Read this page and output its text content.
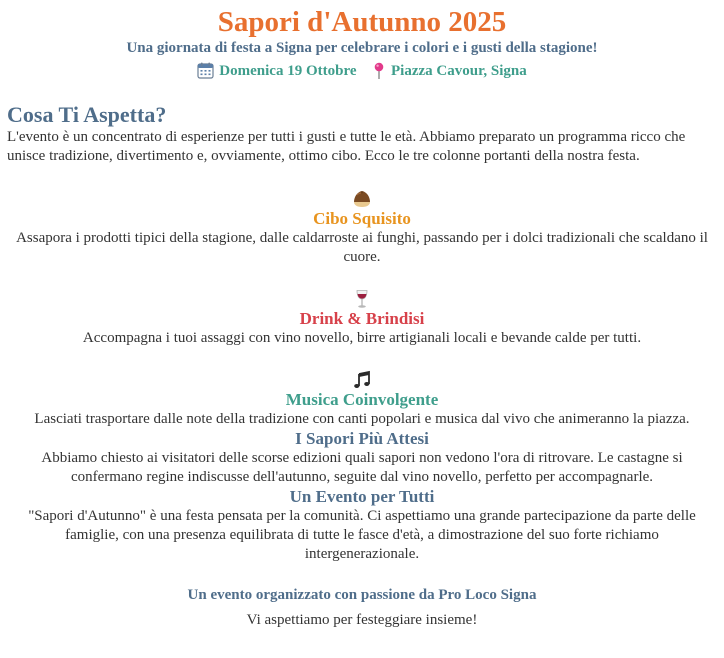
Sapori d'Autunno 2025

Una giornata di festa a Signa per celebrare i colori e i gusti della stagione!

Domenica 19 Ottobre
Piazza Cavour, Signa
Cosa Ti Aspetta?

L'evento è un concentrato di esperienze per tutti i gusti e tutte le età. Abbiamo preparato un programma ricco che unisce tradizione, divertimento e, ovviamente, ottimo cibo. Ecco le tre colonne portanti della nostra festa.

Cibo Squisito

Assapora i prodotti tipici della stagione, dalle caldarroste ai funghi, passando per i dolci tradizionali che scaldano il cuore.

Drink & Brindisi

Accompagna i tuoi assaggi con vino novello, birre artigianali locali e bevande calde per tutti.

Musica Coinvolgente

Lasciati trasportare dalle note della tradizione con canti popolari e musica dal vivo che animeranno la piazza.

I Sapori Più Attesi

Abbiamo chiesto ai visitatori delle scorse edizioni quali sapori non vedono l'ora di ritrovare. Le castagne si confermano regine indiscusse dell'autunno, seguite dal vino novello, perfetto per accompagnarle.

Un Evento per Tutti

"Sapori d'Autunno" è una festa pensata per la comunità. Ci aspettiamo una grande partecipazione da parte delle famiglie, con una presenza equilibrata di tutte le fasce d'età, a dimostrazione del suo forte richiamo intergenerazionale.

Un evento organizzato con passione da Pro Loco Signa

Vi aspettiamo per festeggiare insieme!
